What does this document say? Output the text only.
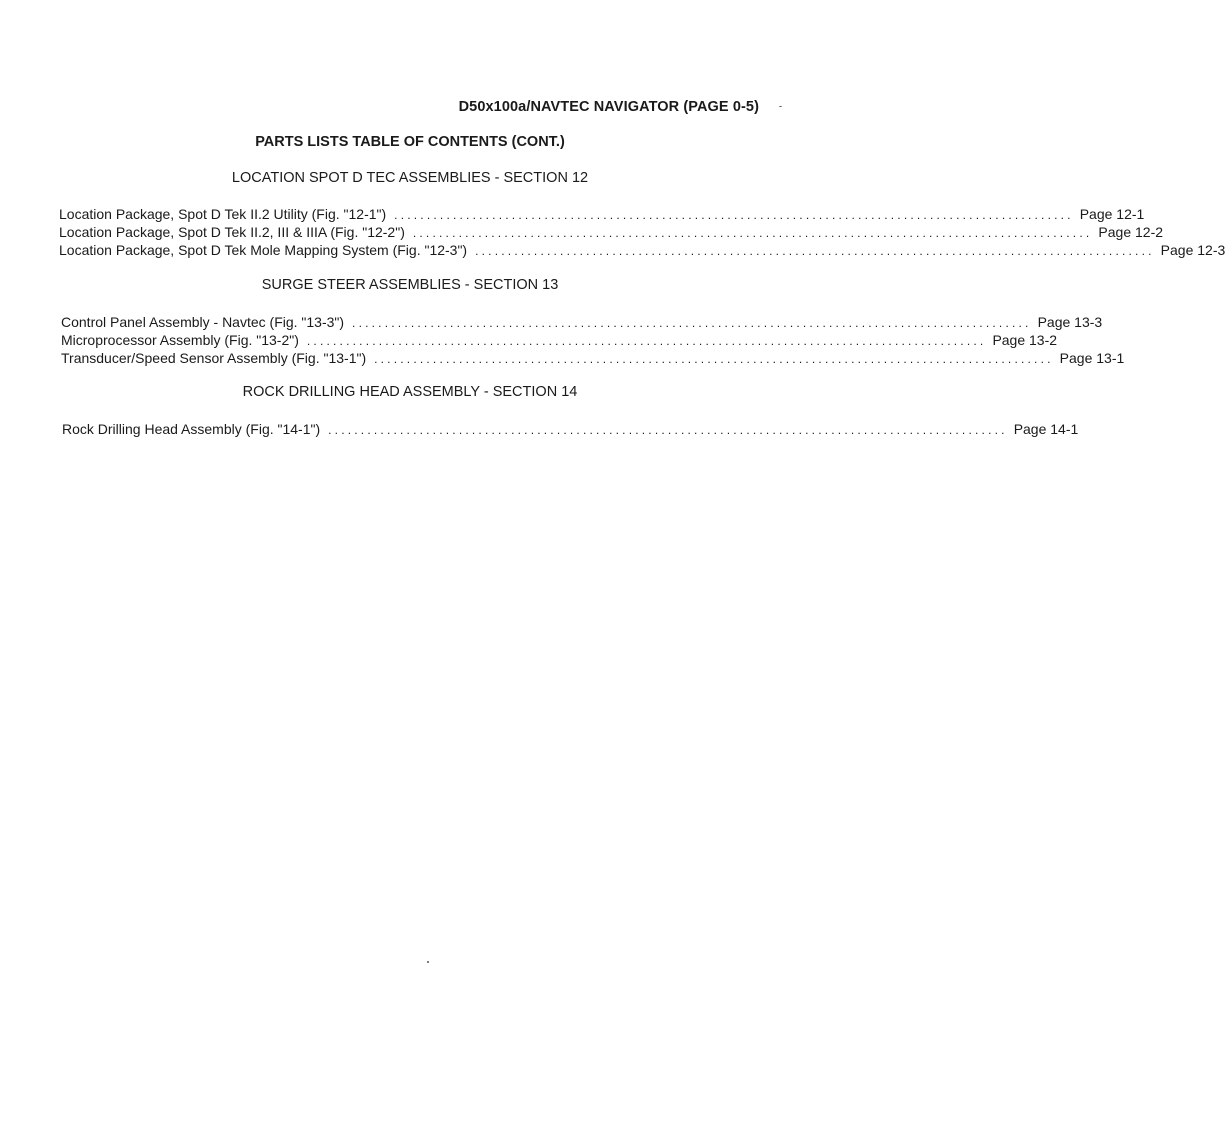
D50x100a/NAVTEC NAVIGATOR (PAGE 0-5)
PARTS LISTS TABLE OF CONTENTS (CONT.)
LOCATION SPOT D TEC ASSEMBLIES - SECTION 12
Location Package, Spot D Tek II.2 Utility (Fig. "12-1") ........................................................................................................ Page 12-1
Location Package, Spot D Tek II.2, III & IIIA (Fig. "12-2") ........................................................................................................ Page 12-2
Location Package, Spot D Tek Mole Mapping System (Fig. "12-3") ........................................................................................................ Page 12-3
SURGE STEER ASSEMBLIES - SECTION 13
Control Panel Assembly - Navtec (Fig. "13-3") ........................................................................................................ Page 13-3
Microprocessor Assembly (Fig. "13-2") ........................................................................................................ Page 13-2
Transducer/Speed Sensor Assembly (Fig. "13-1") ........................................................................................................ Page 13-1
ROCK DRILLING HEAD ASSEMBLY - SECTION 14
Rock Drilling Head Assembly (Fig. "14-1") ........................................................................................................ Page 14-1
